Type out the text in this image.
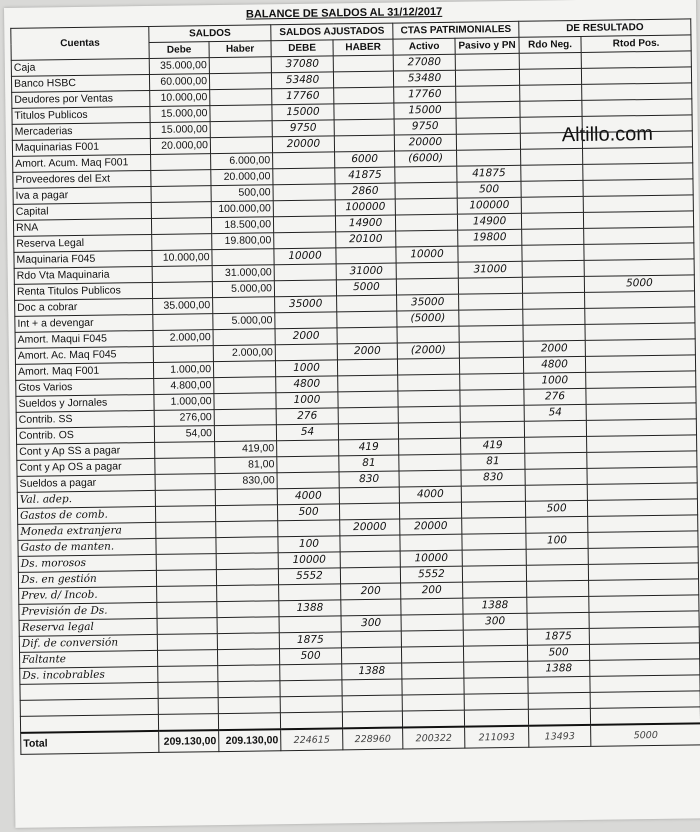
BALANCE DE SALDOS AL 31/12/2017
Altillo.com
Cuentas	SALDOS		SALDOS AJUSTADOS		CTAS PATRIMONIALES		DE RESULTADO	
	Debe	Haber	DEBE	HABER	Activo	Pasivo y PN	Rdo Neg.	Rtod Pos.
Caja	35.000,00		37080		27080			
Banco HSBC	60.000,00		53480		53480			
Deudores por Ventas	10.000,00		17760		17760			
Titulos Publicos	15.000,00		15000		15000			
Mercaderias	15.000,00		9750		9750			
Maquinarias F001	20.000,00		20000		20000			
Amort. Acum. Maq F001		6.000,00		6000	(6000)			
Proveedores del Ext		20.000,00		41875		41875		
Iva a pagar		500,00		2860		500		
Capital		100.000,00		100000		100000		
RNA		18.500,00		14900		14900		
Reserva Legal		19.800,00		20100		19800		
Maquinaria F045	10.000,00		10000		10000			
Rdo Vta Maquinaria		31.000,00		31000		31000		
Renta Titulos Publicos		5.000,00		5000				5000
Doc a cobrar	35.000,00		35000		35000			
Int + a devengar		5.000,00			(5000)			
Amort. Maqui F045	2.000,00		2000					
Amort. Ac. Maq F045		2.000,00		2000	(2000)		2000	
Amort. Maq F001	1.000,00		1000				4800	
Gtos Varios	4.800,00		4800				1000	
Sueldos y Jornales	1.000,00		1000				276	
Contrib. SS	276,00		276				54	
Contrib. OS	54,00		54					
Cont y Ap SS a pagar		419,00		419		419		
Cont y Ap OS a pagar		81,00		81		81		
Sueldos a pagar		830,00		830		830		
Val. adep.			4000		4000			
Gastos de comb.			500				500	
Moneda extranjera				20000	20000			
Gasto de manten.			100				100	
Ds. morosos			10000		10000			
Ds. en gestión			5552		5552			
Prev. d/ Incob.				200	200			
Previsión de Ds.			1388			1388		
Reserva legal				300		300		
Dif. de conversión			1875				1875	
Faltante			500				500	
Ds. incobrables				1388			1388	

Total	209.130,00	209.130,00	224615	228960	200322	211093	13493	5000
